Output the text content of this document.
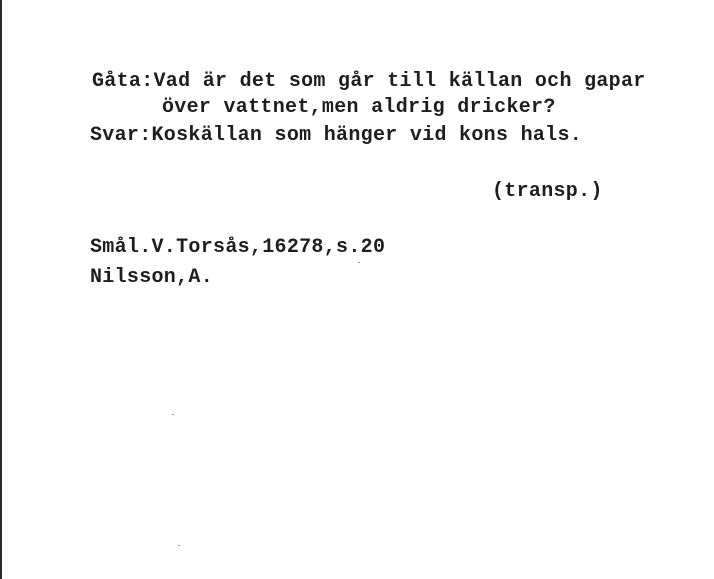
Gåta:Vad är det som går till källan och gapar
över vattnet,men aldrig dricker?
Svar:Koskällan som hänger vid kons hals.
(transp.)
Smål.V.Torsås,16278,s.20
Nilsson,A.
